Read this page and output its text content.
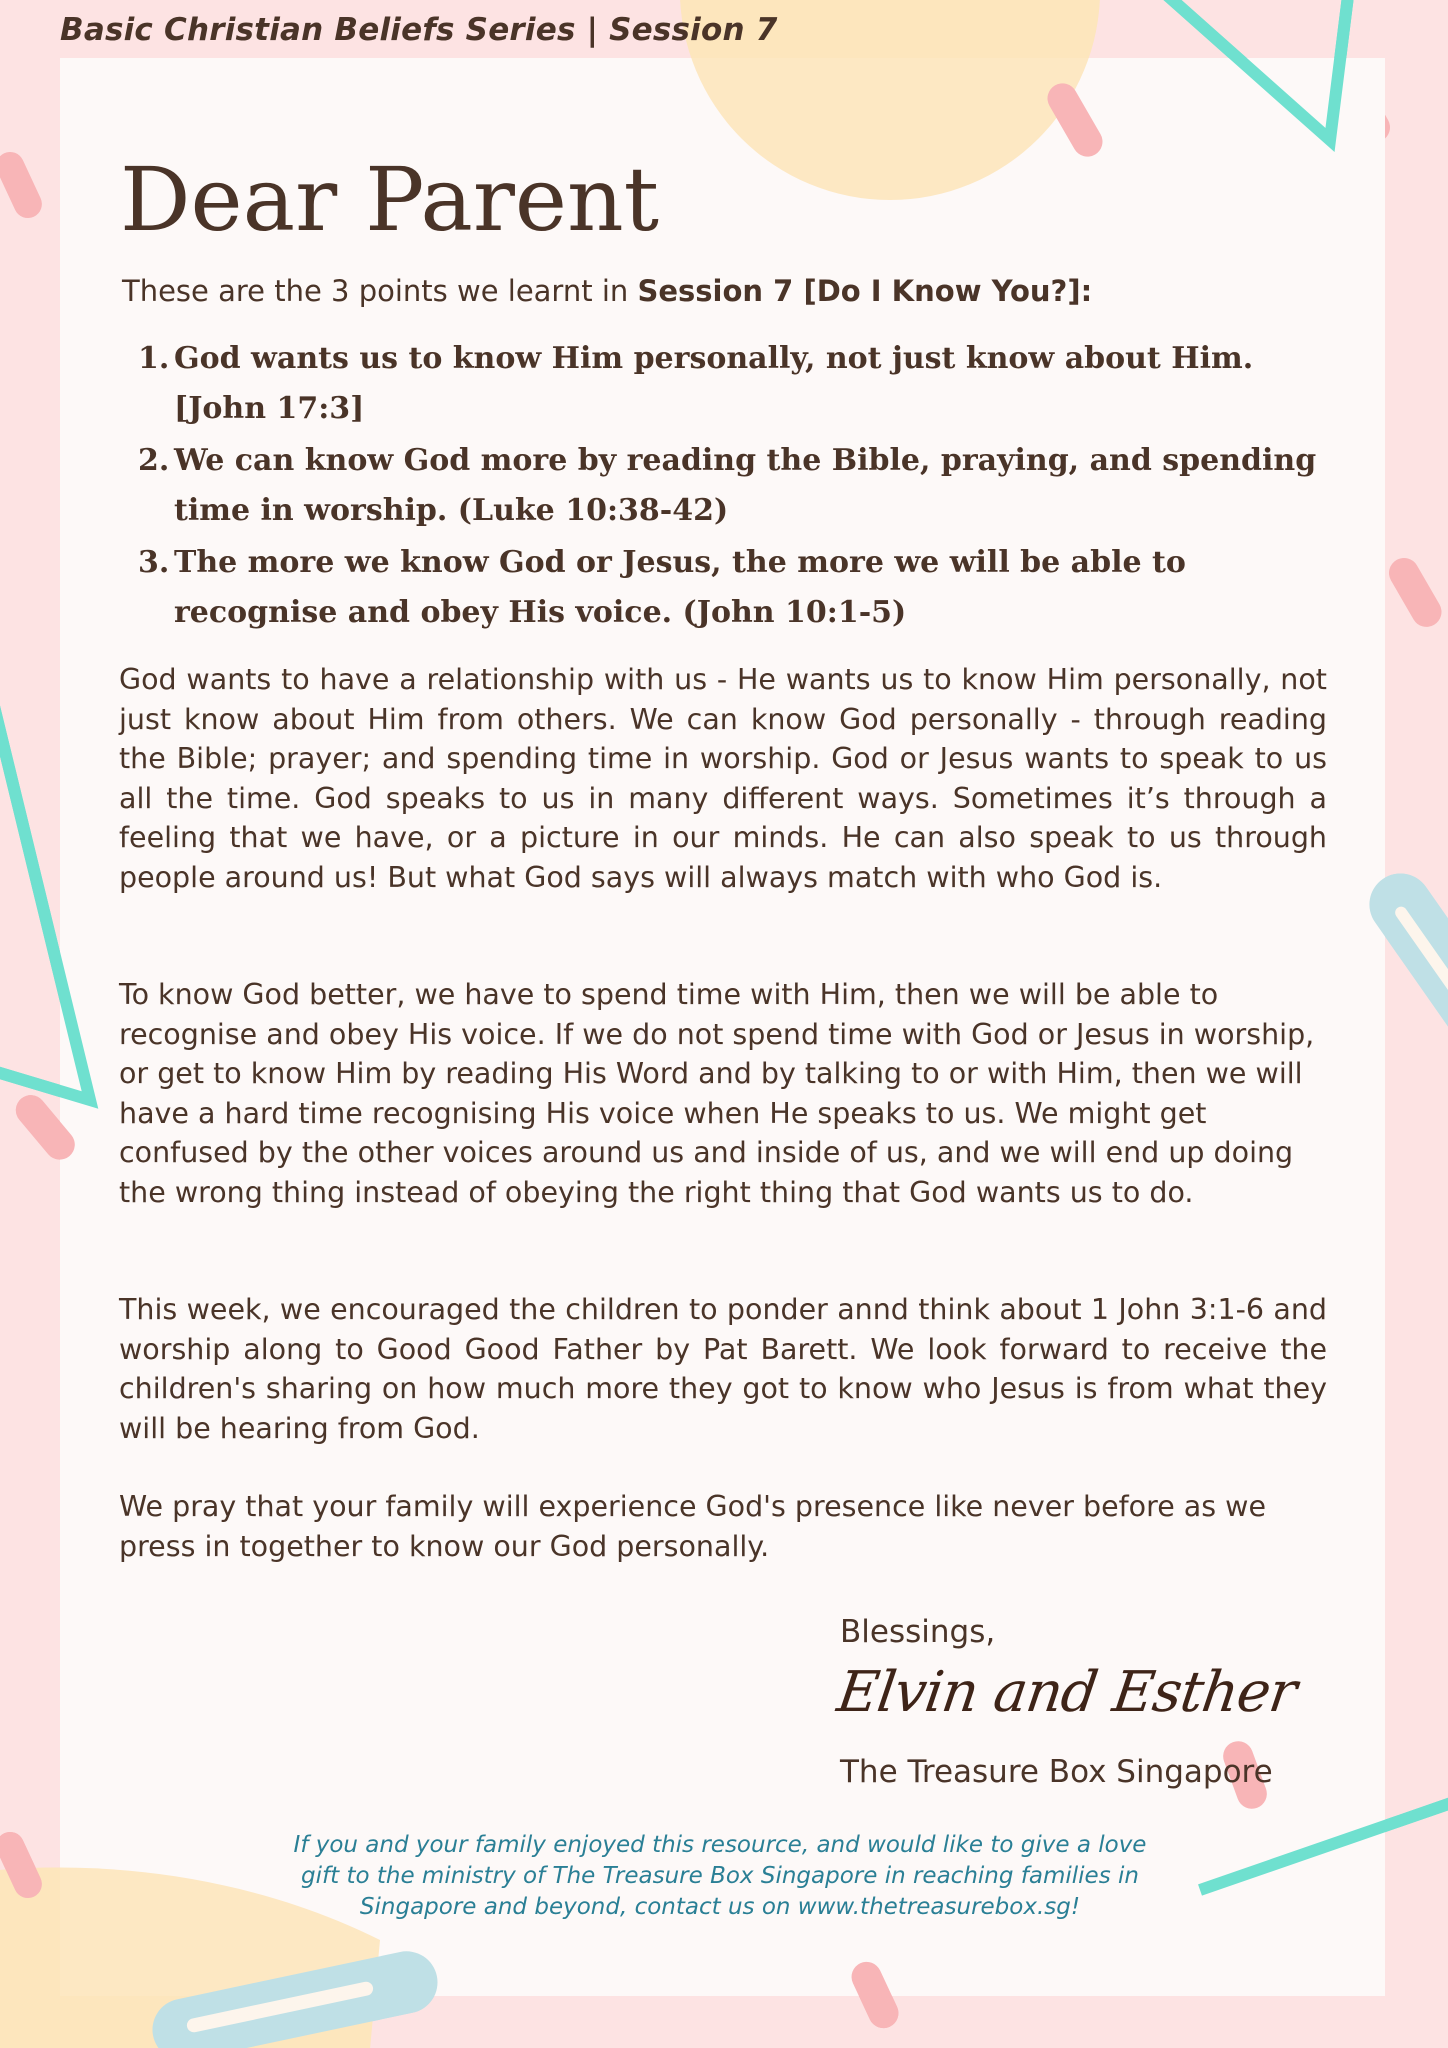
Basic Christian Beliefs Series | Session 7
Dear Parent

These are the 3 points we learnt in Session 7 [Do I Know You?]:

1. God wants us to know Him personally, not just know about Him. [John 17:3]
2. We can know God more by reading the Bible, praying, and spending time in worship. (Luke 10:38-42)
3. The more we know God or Jesus, the more we will be able to recognise and obey His voice. (John 10:1-5)

God wants to have a relationship with us - He wants us to know Him personally, not just know about Him from others. We can know God personally - through reading the Bible; prayer; and spending time in worship. God or Jesus wants to speak to us all the time. God speaks to us in many different ways. Sometimes it’s through a feeling that we have, or a picture in our minds. He can also speak to us through people around us! But what God says will always match with who God is.

To know God better, we have to spend time with Him, then we will be able to recognise and obey His voice. If we do not spend time with God or Jesus in worship, or get to know Him by reading His Word and by talking to or with Him, then we will have a hard time recognising His voice when He speaks to us. We might get confused by the other voices around us and inside of us, and we will end up doing the wrong thing instead of obeying the right thing that God wants us to do.

This week, we encouraged the children to ponder annd think about 1 John 3:1-6 and worship along to Good Good Father by Pat Barett. We look forward to receive the children's sharing on how much more they got to know who Jesus is from what they will be hearing from God.

We pray that your family will experience God's presence like never before as we press in together to know our God personally.

Blessings,
Elvin and Esther
The Treasure Box Singapore
If you and your family enjoyed this resource, and would like to give a love
gift to the ministry of The Treasure Box Singapore in reaching families in
Singapore and beyond, contact us on www.thetreasurebox.sg!
